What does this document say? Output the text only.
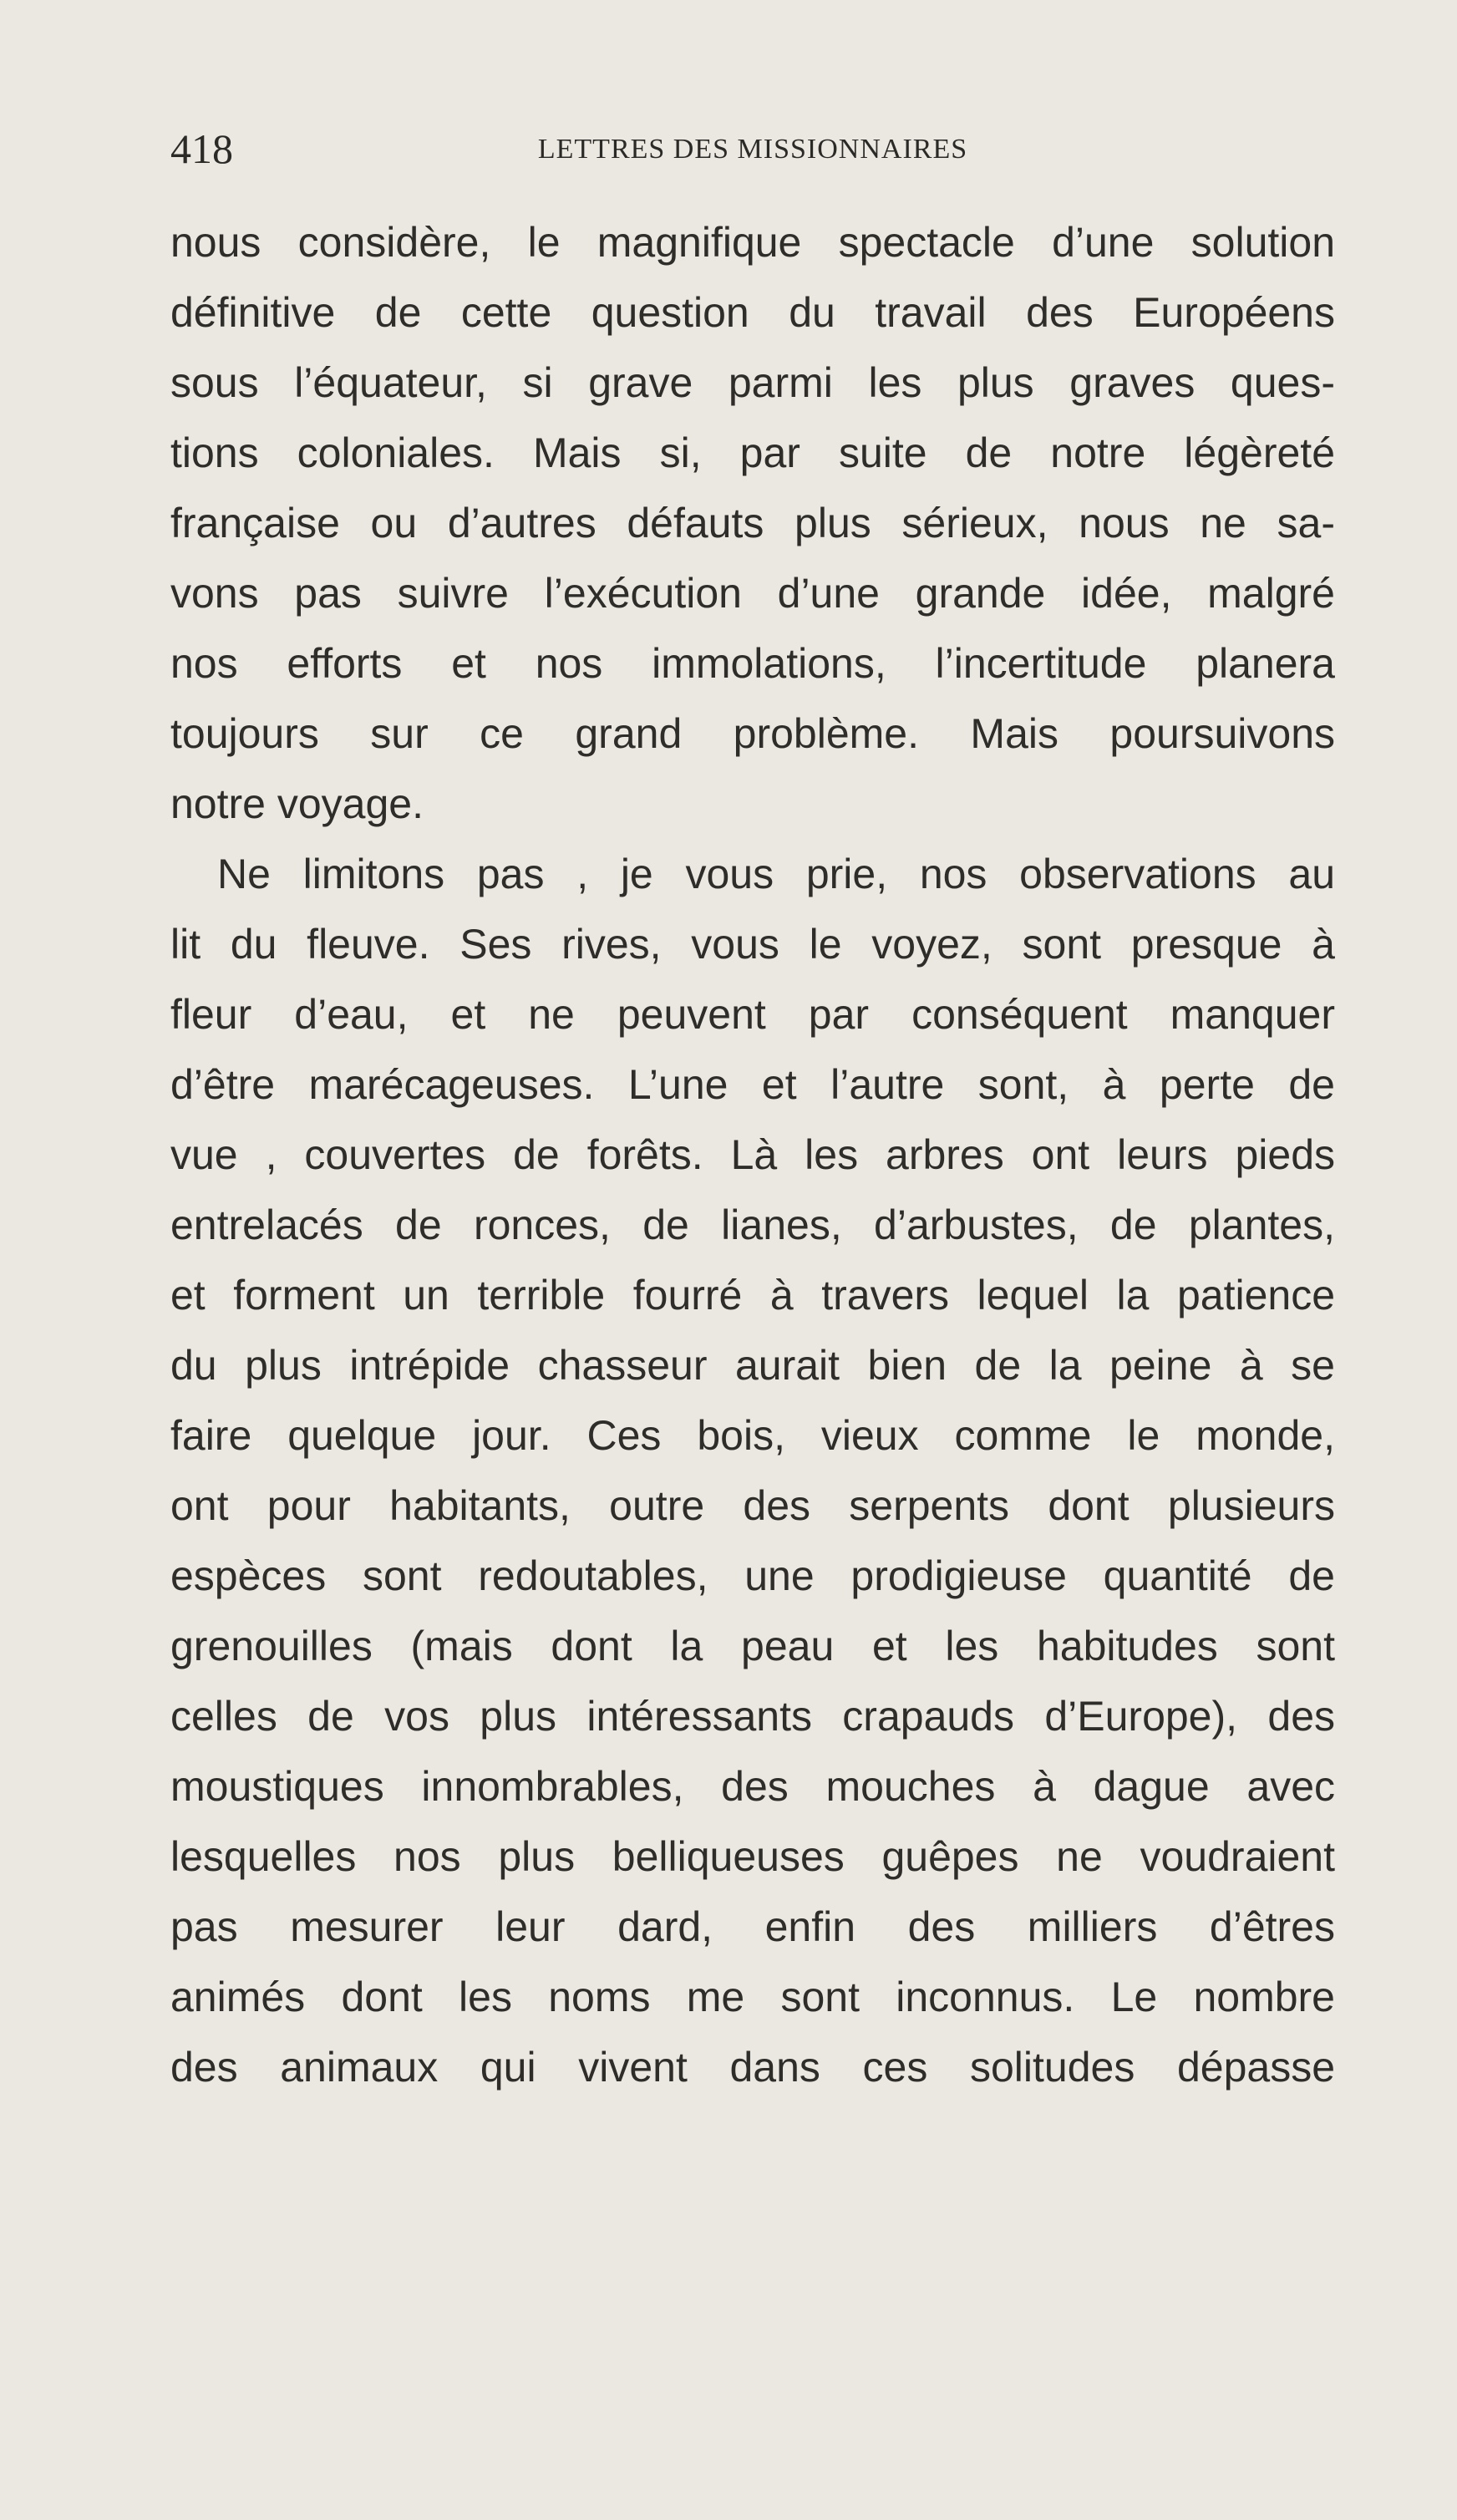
418	LETTRES DES MISSIONNAIRES
nous considère, le magnifique spectacle d’une solution
définitive de cette question du travail des Européens
sous l’équateur, si grave parmi les plus graves ques-
tions coloniales. Mais si, par suite de notre légèreté
française ou d’autres défauts plus sérieux, nous ne sa-
vons pas suivre l’exécution d’une grande idée, malgré
nos efforts et nos immolations, l’incertitude planera
toujours sur ce grand problème. Mais poursuivons
notre voyage.
Ne limitons pas , je vous prie, nos observations au
lit du fleuve. Ses rives, vous le voyez, sont presque à
fleur d’eau, et ne peuvent par conséquent manquer
d’être marécageuses. L’une et l’autre sont, à perte de
vue , couvertes de forêts. Là les arbres ont leurs pieds
entrelacés de ronces, de lianes, d’arbustes, de plantes,
et forment un terrible fourré à travers lequel la patience
du plus intrépide chasseur aurait bien de la peine à se
faire quelque jour. Ces bois, vieux comme le monde,
ont pour habitants, outre des serpents dont plusieurs
espèces sont redoutables, une prodigieuse quantité de
grenouilles (mais dont la peau et les habitudes sont
celles de vos plus intéressants crapauds d’Europe), des
moustiques innombrables, des mouches à dague avec
lesquelles nos plus belliqueuses guêpes ne voudraient
pas mesurer leur dard, enfin des milliers d’êtres
animés dont les noms me sont inconnus. Le nombre
des animaux qui vivent dans ces solitudes dépasse
